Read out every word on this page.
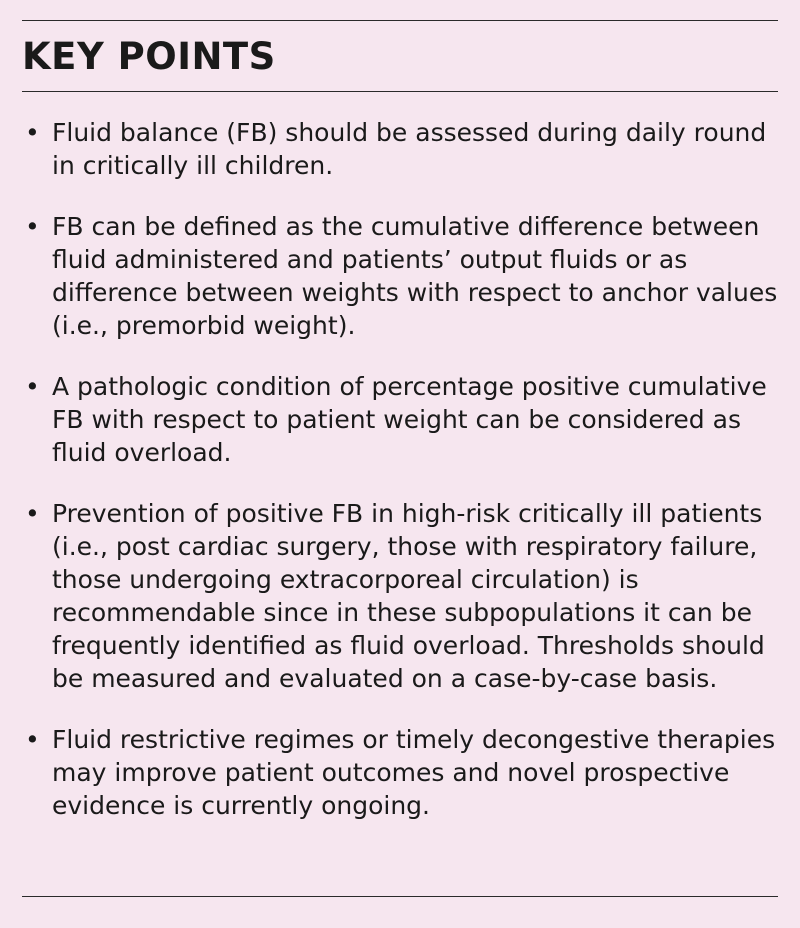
KEY POINTS
• Fluid balance (FB) should be assessed during daily round in critically ill children.
• FB can be defined as the cumulative difference between fluid administered and patients’ output fluids or as difference between weights with respect to anchor values (i.e., premorbid weight).
• A pathologic condition of percentage positive cumulative FB with respect to patient weight can be considered as fluid overload.
• Prevention of positive FB in high-risk critically ill patients (i.e., post cardiac surgery, those with respiratory failure, those undergoing extracorporeal circulation) is recommendable since in these subpopulations it can be frequently identified as fluid overload. Thresholds should be measured and evaluated on a case-by-case basis.
• Fluid restrictive regimes or timely decongestive therapies may improve patient outcomes and novel prospective evidence is currently ongoing.
